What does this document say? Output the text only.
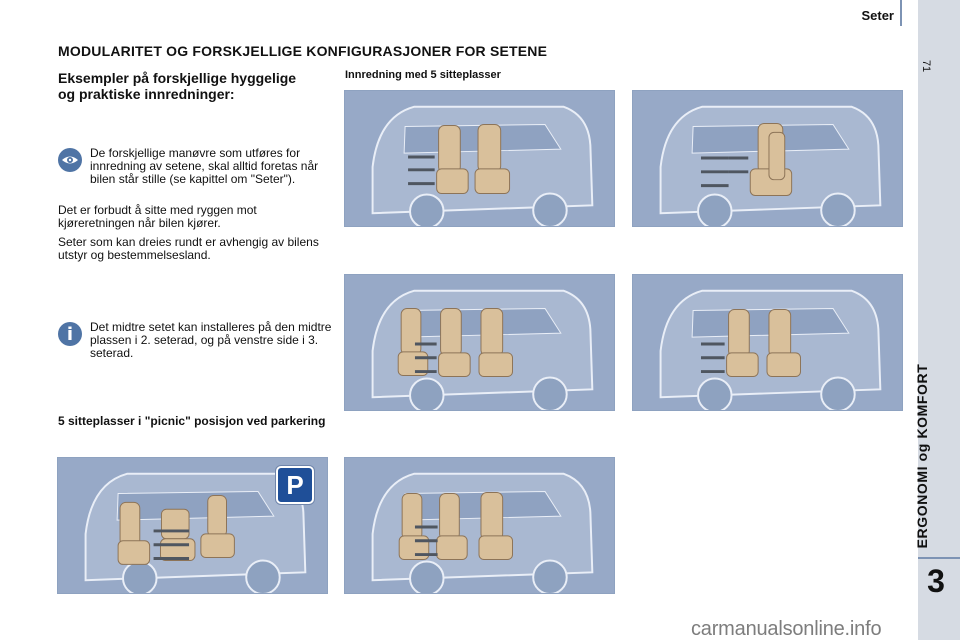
Seter
71
ERGONOMI og KOMFORT
3
MODULARITET OG FORSKJELLIGE KONFIGURASJONER FOR SETENE
Eksempler på forskjellige hyggelige og praktiske innredninger:
De forskjellige manøvre som utføres for innredning av setene, skal alltid foretas når bilen står stille (se kapittel om "Seter").

Det er forbudt å sitte med ryggen mot kjøreretningen når bilen kjører.

Seter som kan dreies rundt er avhengig av bilens utstyr og bestemmelsesland.

i	Det midtre setet kan installeres på den midtre plassen i 2. seterad, og på venstre side i 3. seterad.
5 sitteplasser i "picnic" posisjon ved parkering
Innredning med 5 sitteplasser
P
carmanualsonline.info
